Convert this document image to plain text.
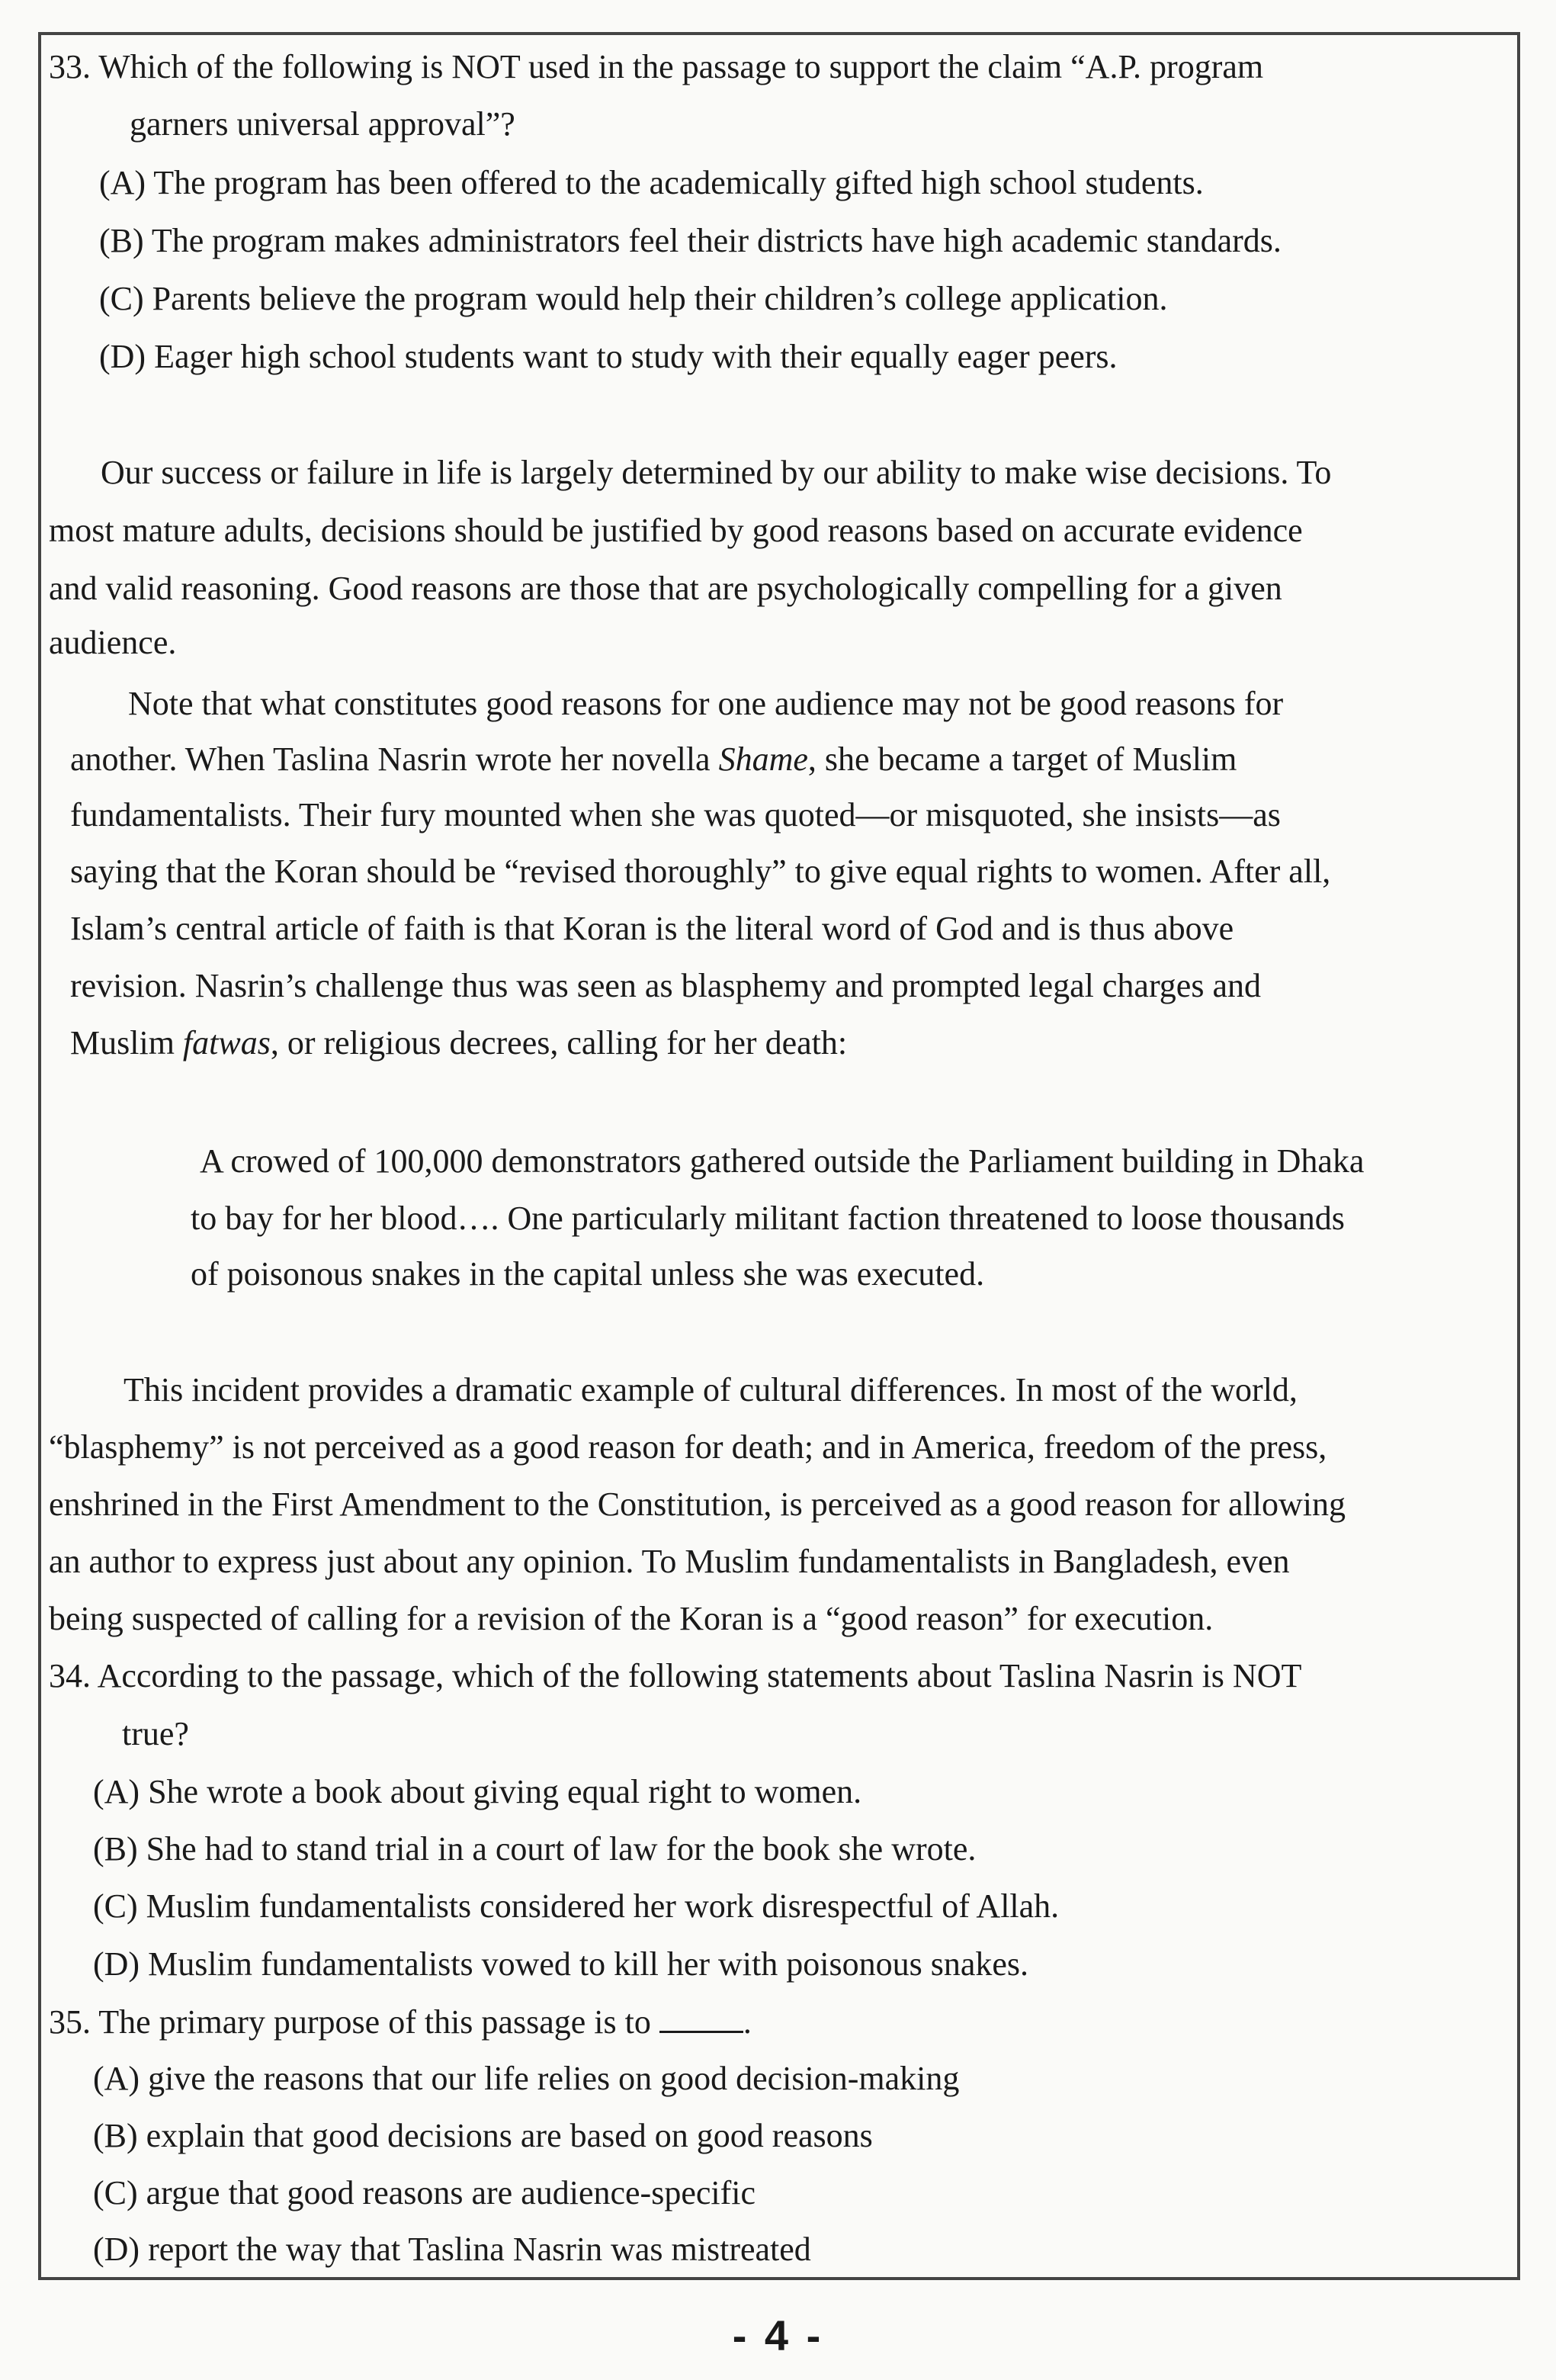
33. Which of the following is NOT used in the passage to support the claim “A.P. program
garners universal approval”?
(A) The program has been offered to the academically gifted high school students.
(B) The program makes administrators feel their districts have high academic standards.
(C) Parents believe the program would help their children’s college application.
(D) Eager high school students want to study with their equally eager peers.
Our success or failure in life is largely determined by our ability to make wise decisions. To
most mature adults, decisions should be justified by good reasons based on accurate evidence
and valid reasoning. Good reasons are those that are psychologically compelling for a given
audience.
Note that what constitutes good reasons for one audience may not be good reasons for
another. When Taslina Nasrin wrote her novella Shame, she became a target of Muslim
fundamentalists. Their fury mounted when she was quoted—or misquoted, she insists—as
saying that the Koran should be “revised thoroughly” to give equal rights to women. After all,
Islam’s central article of faith is that Koran is the literal word of God and is thus above
revision. Nasrin’s challenge thus was seen as blasphemy and prompted legal charges and
Muslim fatwas, or religious decrees, calling for her death:
A crowed of 100,000 demonstrators gathered outside the Parliament building in Dhaka
to bay for her blood…. One particularly militant faction threatened to loose thousands
of poisonous snakes in the capital unless she was executed.
This incident provides a dramatic example of cultural differences. In most of the world,
“blasphemy” is not perceived as a good reason for death; and in America, freedom of the press,
enshrined in the First Amendment to the Constitution, is perceived as a good reason for allowing
an author to express just about any opinion. To Muslim fundamentalists in Bangladesh, even
being suspected of calling for a revision of the Koran is a “good reason” for execution.
34. According to the passage, which of the following statements about Taslina Nasrin is NOT
true?
(A) She wrote a book about giving equal right to women.
(B) She had to stand trial in a court of law for the book she wrote.
(C) Muslim fundamentalists considered her work disrespectful of Allah.
(D) Muslim fundamentalists vowed to kill her with poisonous snakes.
35. The primary purpose of this passage is to	.
(A) give the reasons that our life relies on good decision-making
(B) explain that good decisions are based on good reasons
(C) argue that good reasons are audience-specific
(D) report the way that Taslina Nasrin was mistreated
- 4 -
